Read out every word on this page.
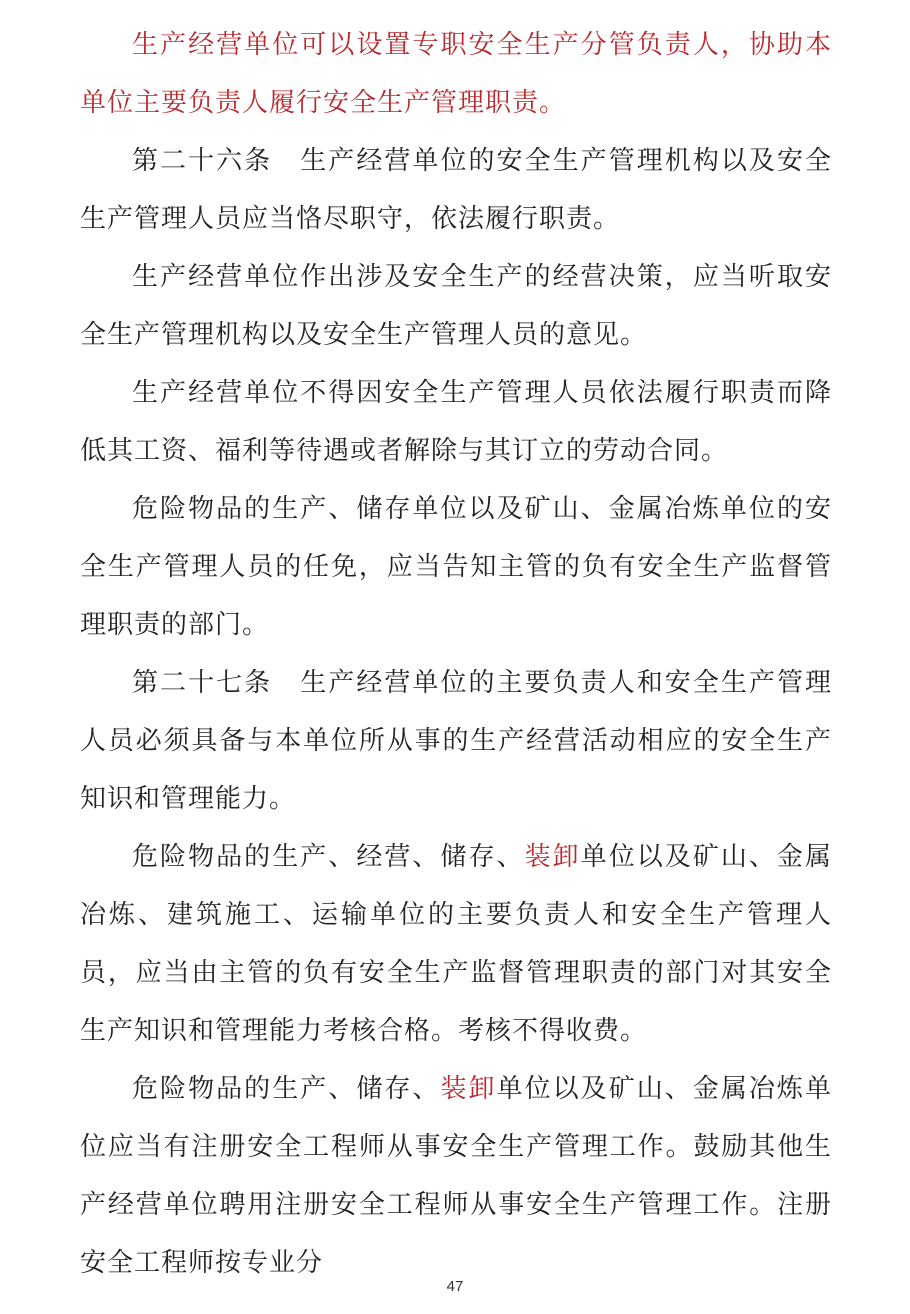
生产经营单位可以设置专职安全生产分管负责人，协助本单位主要负责人履行安全生产管理职责。

第二十六条　生产经营单位的安全生产管理机构以及安全生产管理人员应当恪尽职守，依法履行职责。

生产经营单位作出涉及安全生产的经营决策，应当听取安全生产管理机构以及安全生产管理人员的意见。

生产经营单位不得因安全生产管理人员依法履行职责而降低其工资、福利等待遇或者解除与其订立的劳动合同。

危险物品的生产、储存单位以及矿山、金属冶炼单位的安全生产管理人员的任免，应当告知主管的负有安全生产监督管理职责的部门。

第二十七条　生产经营单位的主要负责人和安全生产管理人员必须具备与本单位所从事的生产经营活动相应的安全生产知识和管理能力。

危险物品的生产、经营、储存、装卸单位以及矿山、金属冶炼、建筑施工、运输单位的主要负责人和安全生产管理人员，应当由主管的负有安全生产监督管理职责的部门对其安全生产知识和管理能力考核合格。考核不得收费。

危险物品的生产、储存、装卸单位以及矿山、金属冶炼单位应当有注册安全工程师从事安全生产管理工作。鼓励其他生产经营单位聘用注册安全工程师从事安全生产管理工作。注册安全工程师按专业分

47
